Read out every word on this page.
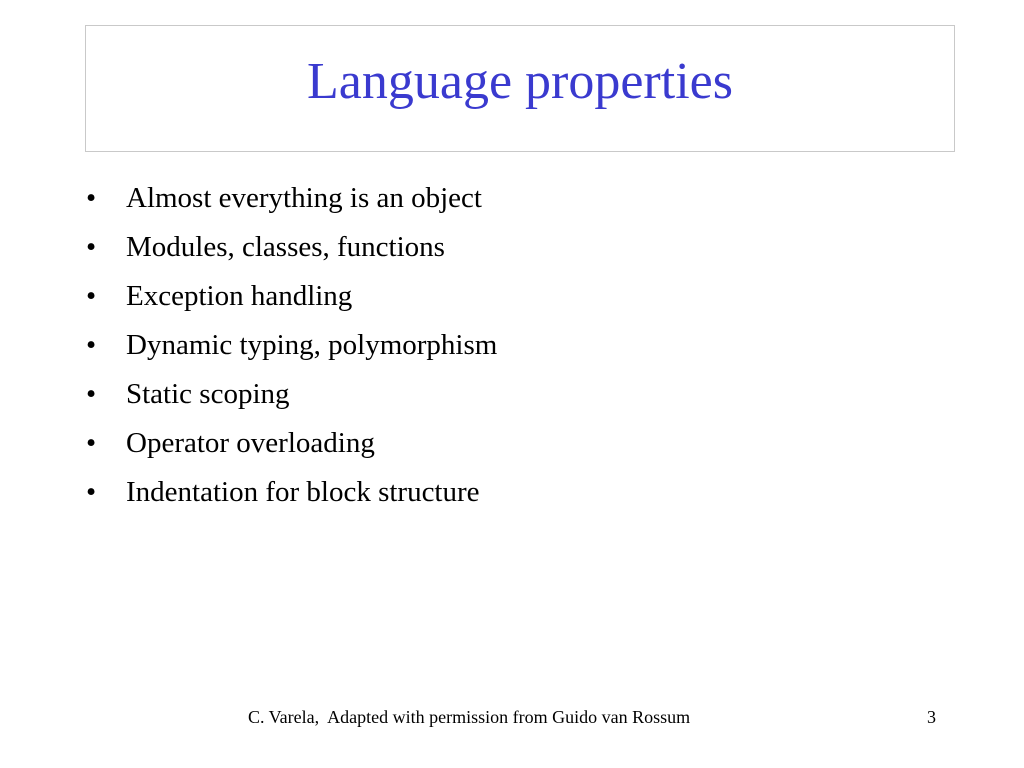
Language properties
•	Almost everything is an object
•	Modules, classes, functions
•	Exception handling
•	Dynamic typing, polymorphism
•	Static scoping
•	Operator overloading
•	Indentation for block structure
C. Varela,  Adapted with permission from Guido van Rossum	3
